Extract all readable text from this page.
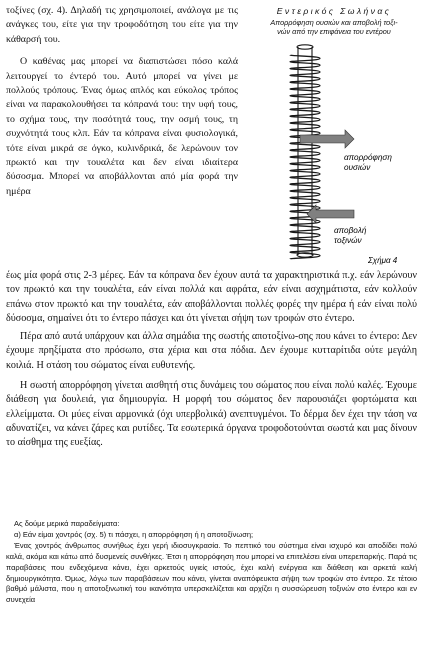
τοξίνες (σχ. 4). Δηλαδή τις χρησιμοποιεί, ανάλογα με τις ανάγκες του, είτε για την τροφοδότηση του είτε για την κάθαρσή του.

Ο καθένας μας μπορεί να διαπιστώσει πόσο καλά λειτουργεί το έντερό του. Αυτό μπορεί να γίνει με πολλούς τρόπους. Ένας όμως απλός και εύκολος τρόπος είναι να παρακολουθήσει τα κόπρανά του: την υφή τους, το σχήμα τους, την ποσότητά τους, την οσμή τους, τη συχνότητά τους κλπ. Εάν τα κόπρανα είναι φυσιολογικά, τότε είναι μικρά σε όγκο, κυλινδρικά, δε λερώνουν τον πρωκτό και την τουαλέτα και δεν είναι ιδιαίτερα δύσοσμα. Μπορεί να αποβάλλονται από μία φορά την ημέρα

Εντερικός Σωλήνας
Απορρόφηση ουσιών και αποβολή τοξι-
νών από την επιφάνεια του εντέρου
απορρόφηση
ουσιών
αποβολή
τοξινών
Σχήμα 4

έως μία φορά στις 2-3 μέρες. Εάν τα κόπρανα δεν έχουν αυτά τα χαρακτηριστικά π.χ. εάν λερώνουν τον πρωκτό και την τουαλέτα, εάν είναι πολλά και αφράτα, εάν είναι ασχημάτιστα, εάν κολλούν επάνω στον πρωκτό και την τουαλέτα, εάν αποβάλλονται πολλές φορές την ημέρα ή εάν είναι πολύ δύσοσμα, σημαίνει ότι το έντερο πάσχει και ότι γίνεται σήψη των τροφών στο έντερο.

Πέρα από αυτά υπάρχουν και άλλα σημάδια της σωστής αποτοξίνω-σης που κάνει το έντερο: Δεν έχουμε πρηξίματα στο πρόσωπο, στα χέρια και στα πόδια. Δεν έχουμε κυτταρίτιδα ούτε μεγάλη κοιλιά. Η στάση του σώματος είναι ευθυτενής.

Η σωστή απορρόφηση γίνεται αισθητή στις δυνάμεις του σώματος που είναι πολύ καλές. Έχουμε διάθεση για δουλειά, για δημιουργία. Η μορφή του σώματος δεν παρουσιάζει φορτώματα και ελλείμματα. Οι μύες είναι αρμονικά (όχι υπερβολικά) ανεπτυγμένοι. Το δέρμα δεν έχει την τάση να αδυνατίζει, να κάνει ζάρες και ρυτίδες. Τα εσωτερικά όργανα τροφοδοτούνται σωστά και μας δίνουν το αίσθημα της ευεξίας.

Ας δούμε μερικά παραδείγματα:

α) Εάν είμαι χοντρός (σχ. 5) τι πάσχει, η απορρόφηση ή η αποτοξίνωση;

Ένας χοντρός άνθρωπος συνήθως έχει γερή ιδιοσυγκρασία. Το πεπτικό του σύστημα είναι ισχυρό και αποδίδει πολύ καλά, ακόμα και κάτω από δυσμενείς συνθήκες. Έτσι η απορρόφηση που μπορεί να επιτελέσει είναι υπερεπαρκής. Παρά τις παραβάσεις που ενδεχόμενα κάνει, έχει αρκετούς υγιείς ιστούς, έχει καλή ενέργεια και διάθεση και αρκετά καλή δημιουργικότητα. Όμως, λόγω των παραβάσεων που κάνει, γίνεται αναπόφευκτα σήψη των τροφών στο έντερο. Σε τέτοιο βαθμό μάλιστα, που η αποτοξινωτική του ικανότητα υπερσκελίζεται και αρχίζει η συσσώρευση τοξινών στο έντερο και εν συνεχεία
